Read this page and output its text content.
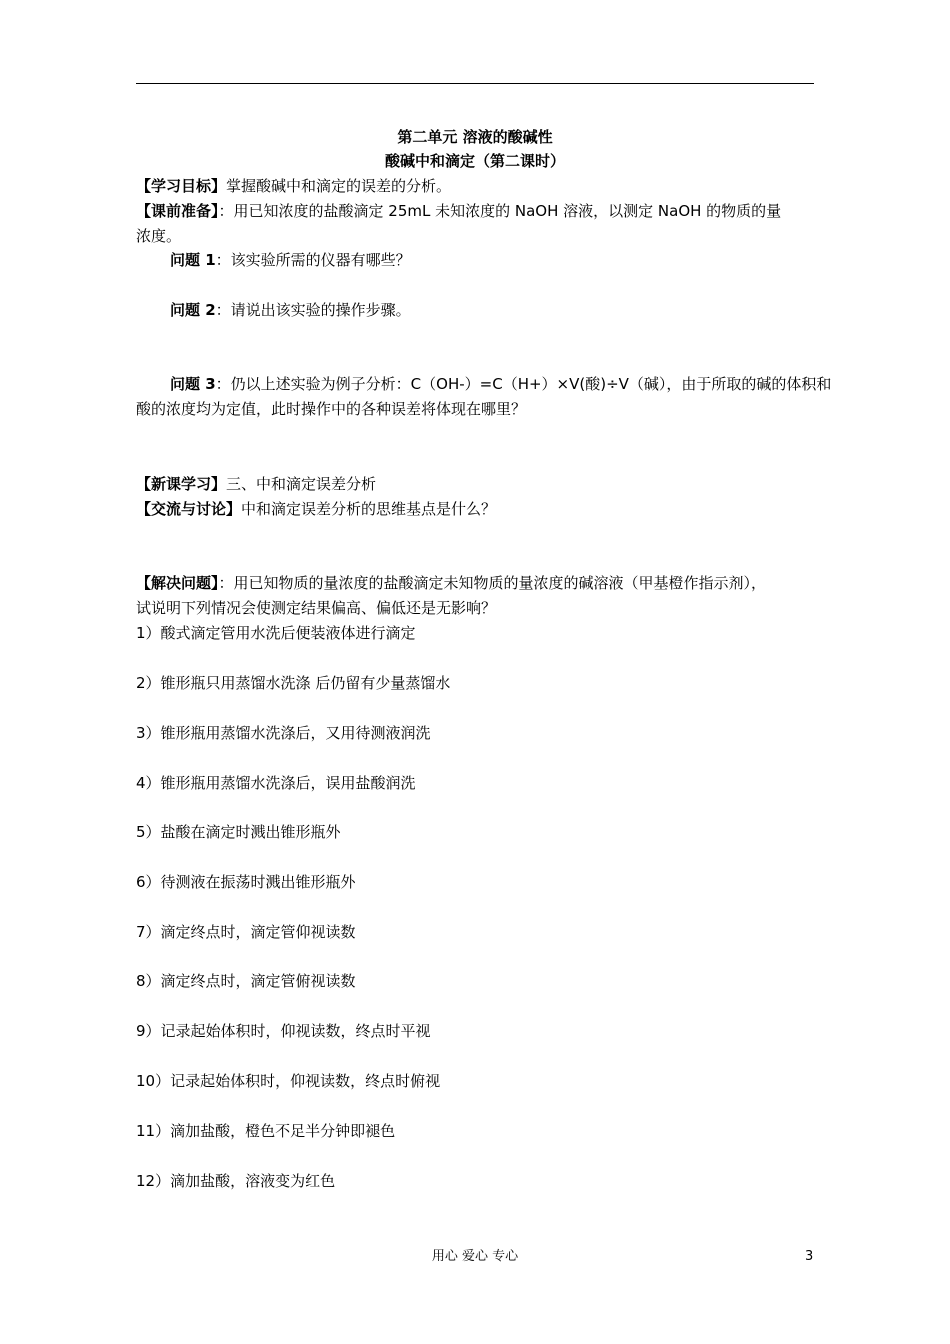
第二单元 溶液的酸碱性
酸碱中和滴定（第二课时）
【学习目标】掌握酸碱中和滴定的误差的分析。
【课前准备】：用已知浓度的盐酸滴定 25mL 未知浓度的 NaOH 溶液，以测定 NaOH 的物质的量
浓度。
问题 1：该实验所需的仪器有哪些？
问题 2：请说出该实验的操作步骤。
问题 3：仍以上述实验为例子分析：C（OH-）=C（H+）×V(酸)÷V（碱），由于所取的碱的体积和
酸的浓度均为定值，此时操作中的各种误差将体现在哪里？
【新课学习】三、中和滴定误差分析
【交流与讨论】中和滴定误差分析的思维基点是什么？
【解决问题】：用已知物质的量浓度的盐酸滴定未知物质的量浓度的碱溶液（甲基橙作指示剂），
试说明下列情况会使测定结果偏高、偏低还是无影响？
1）酸式滴定管用水洗后便装液体进行滴定
2）锥形瓶只用蒸馏水洗涤 后仍留有少量蒸馏水
3）锥形瓶用蒸馏水洗涤后，又用待测液润洗
4）锥形瓶用蒸馏水洗涤后，误用盐酸润洗
5）盐酸在滴定时溅出锥形瓶外
6）待测液在振荡时溅出锥形瓶外
7）滴定终点时，滴定管仰视读数
8）滴定终点时，滴定管俯视读数
9）记录起始体积时，仰视读数，终点时平视
10）记录起始体积时，仰视读数，终点时俯视
11）滴加盐酸，橙色不足半分钟即褪色
12）滴加盐酸，溶液变为红色
用心 爱心 专心	3
